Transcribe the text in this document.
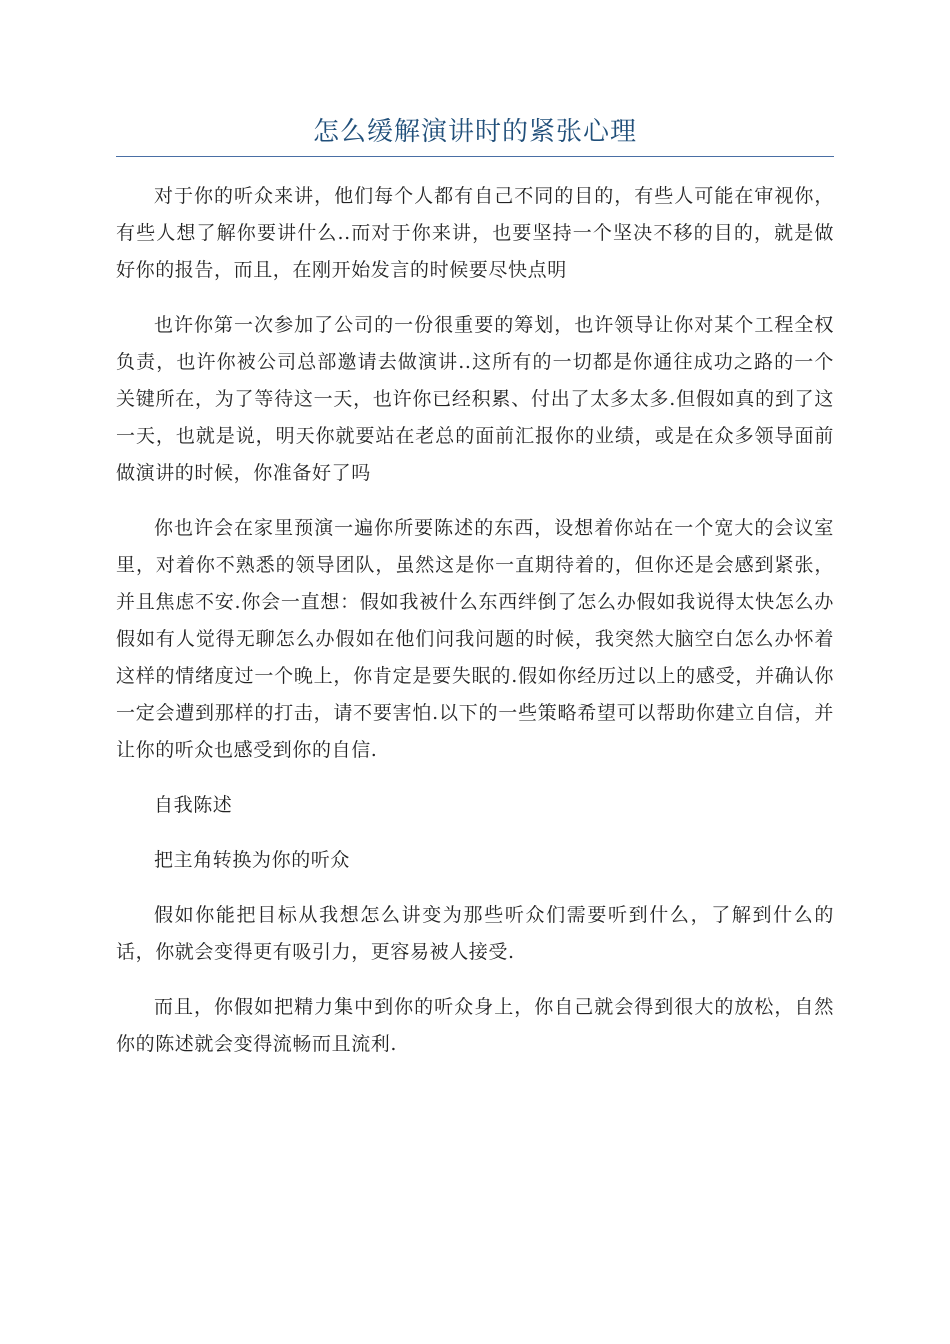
怎么缓解演讲时的紧张心理

对于你的听众来讲，他们每个人都有自己不同的目的，有些人可能在审视你，有些人想了解你要讲什么..而对于你来讲，也要坚持一个坚决不移的目的，就是做好你的报告，而且，在刚开始发言的时候要尽快点明

也许你第一次参加了公司的一份很重要的筹划，也许领导让你对某个工程全权负责，也许你被公司总部邀请去做演讲..这所有的一切都是你通往成功之路的一个关键所在，为了等待这一天，也许你已经积累、付出了太多太多.但假如真的到了这一天，也就是说，明天你就要站在老总的面前汇报你的业绩，或是在众多领导面前做演讲的时候，你准备好了吗

你也许会在家里预演一遍你所要陈述的东西，设想着你站在一个宽大的会议室里，对着你不熟悉的领导团队，虽然这是你一直期待着的，但你还是会感到紧张，并且焦虑不安.你会一直想：假如我被什么东西绊倒了怎么办假如我说得太快怎么办假如有人觉得无聊怎么办假如在他们问我问题的时候，我突然大脑空白怎么办怀着这样的情绪度过一个晚上，你肯定是要失眠的.假如你经历过以上的感受，并确认你一定会遭到那样的打击，请不要害怕.以下的一些策略希望可以帮助你建立自信，并让你的听众也感受到你的自信.

自我陈述

把主角转换为你的听众

假如你能把目标从我想怎么讲变为那些听众们需要听到什么，了解到什么的话，你就会变得更有吸引力，更容易被人接受.

而且，你假如把精力集中到你的听众身上，你自己就会得到很大的放松，自然你的陈述就会变得流畅而且流利.
